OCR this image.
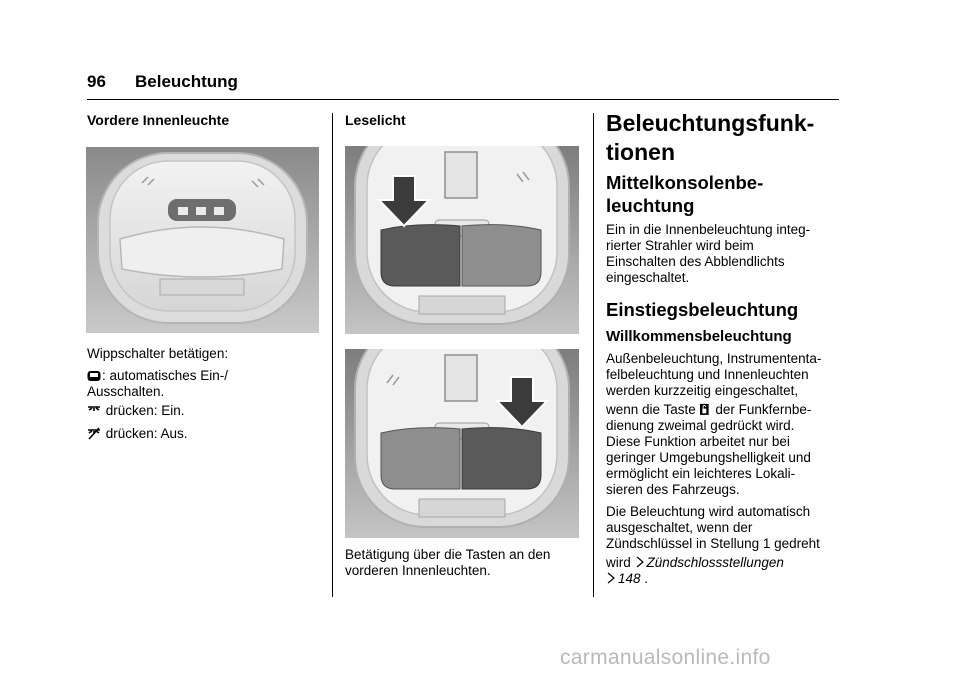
96 Beleuchtung
Vordere Innenleuchte
Wippschalter betätigen:
: automatisches Ein-/
Ausschalten.
drücken: Ein.
drücken: Aus.
Leselicht
Betätigung über die Tasten an den
vorderen Innenleuchten.
Beleuchtungsfunk-
tionen
Mittelkonsolenbe-
leuchtung
Ein in die Innenbeleuchtung integ-
rierter Strahler wird beim
Einschalten des Abblendlichts
eingeschaltet.
Einstiegsbeleuchtung
Willkommensbeleuchtung
Außenbeleuchtung, Instrumententa-
felbeleuchtung und Innenleuchten
werden kurzzeitig eingeschaltet,
wenn die Taste  der Funkfernbe-
dienung zweimal gedrückt wird.
Diese Funktion arbeitet nur bei
geringer Umgebungshelligkeit und
ermöglicht ein leichteres Lokali-
sieren des Fahrzeugs.
Die Beleuchtung wird automatisch
ausgeschaltet, wenn der
Zündschlüssel in Stellung 1 gedreht
wird Zündschlossstellungen
148 .
carmanualsonline.info
